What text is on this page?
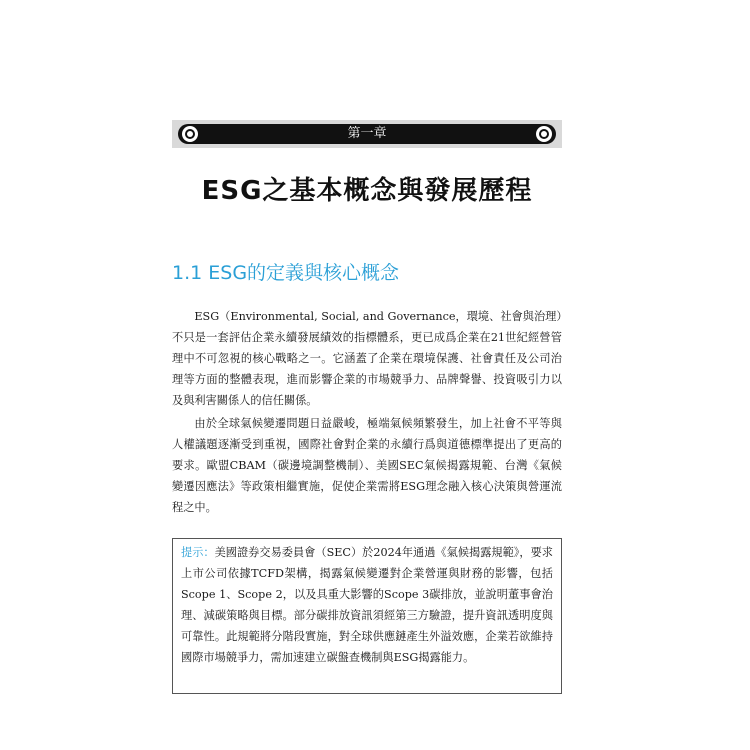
第一章
ESG之基本概念與發展歷程
1.1 ESG的定義與核心概念

ESG（Environmental, Social, and Governance，環境、社會與治理）不只是一套評估企業永續發展績效的指標體系，更已成爲企業在21世紀經營管理中不可忽視的核心戰略之一。它涵蓋了企業在環境保護、社會責任及公司治理等方面的整體表現，進而影響企業的市場競爭力、品牌聲譽、投資吸引力以及與利害關係人的信任關係。

由於全球氣候變遷問題日益嚴峻，極端氣候頻繁發生，加上社會不平等與人權議題逐漸受到重視，國際社會對企業的永續行爲與道德標準提出了更高的要求。歐盟CBAM（碳邊境調整機制）、美國SEC氣候揭露規範、台灣《氣候變遷因應法》等政策相繼實施，促使企業需將ESG理念融入核心決策與營運流程之中。

提示：美國證券交易委員會（SEC）於2024年通過《氣候揭露規範》，要求上市公司依據TCFD架構，揭露氣候變遷對企業營運與財務的影響，包括Scope 1、Scope 2，以及具重大影響的Scope 3碳排放，並說明董事會治理、減碳策略與目標。部分碳排放資訊須經第三方驗證，提升資訊透明度與可靠性。此規範將分階段實施，對全球供應鏈產生外溢效應，企業若欲維持國際市場競爭力，需加速建立碳盤查機制與ESG揭露能力。
